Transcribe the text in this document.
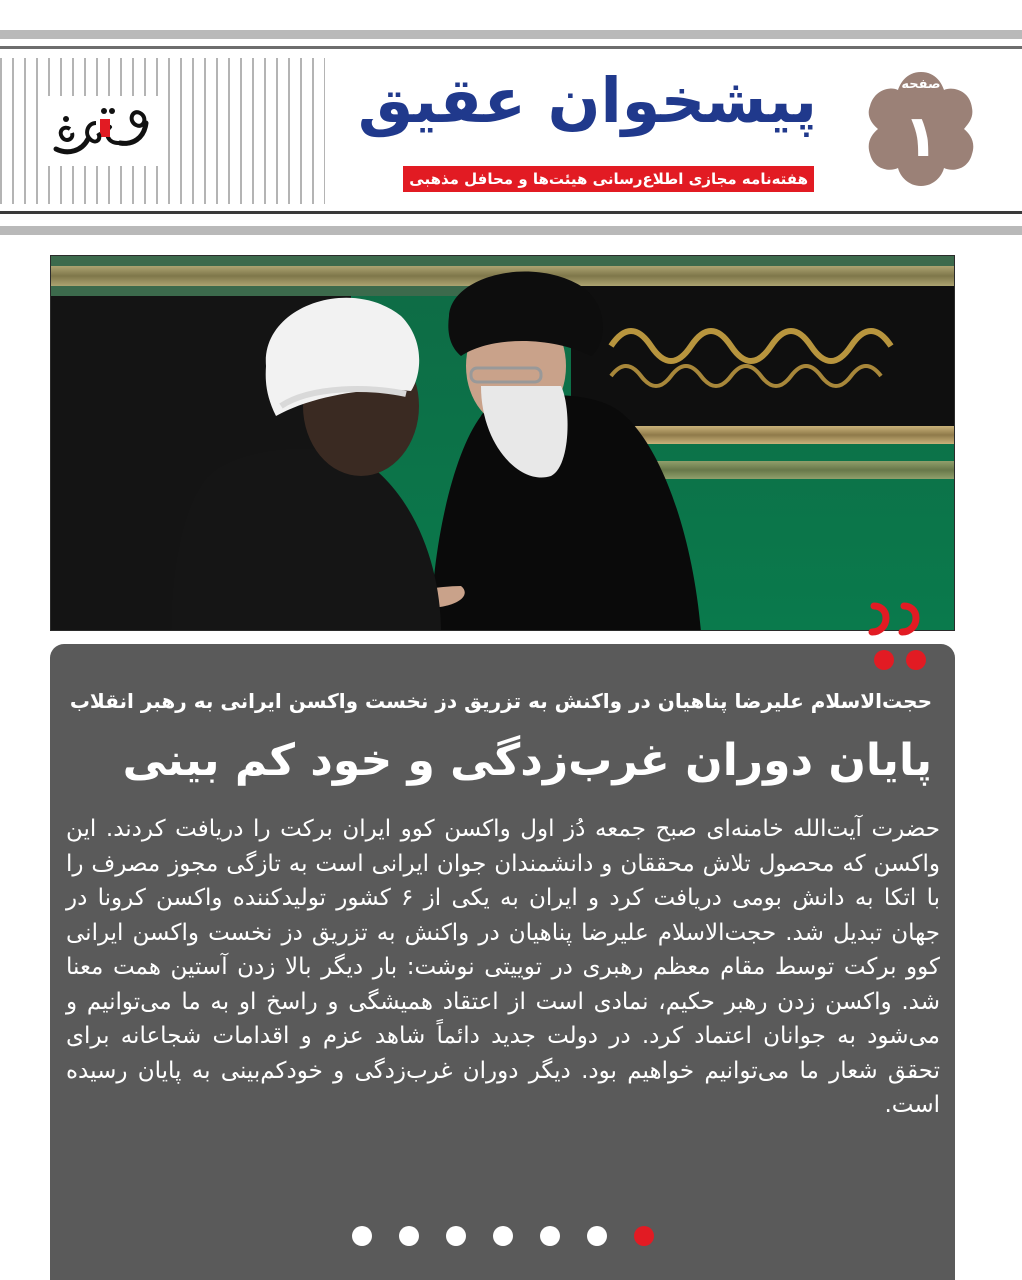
پیشخوان عقیق
هفته‌نامه مجازی اطلاع‌رسانی هیئت‌ها و محافل مذهبی
صفحه
۱
حجت‌الاسلام علیرضا پناهیان در واکنش به تزریق دز نخست واکسن ایرانی به رهبر انقلاب
پایان دوران غرب‌زدگی و خود کم بینی
حضرت آیت‌الله خامنه‌ای صبح جمعه دُز اول واکسن کوو ایران برکت را دریافت کردند. این واکسن که محصول تلاش محققان و دانشمندان جوان ایرانی است به تازگی مجوز مصرف را با اتکا به دانش بومی دریافت کرد و ایران به یکی از ۶ کشور تولیدکننده واکسن کرونا در جهان تبدیل شد. حجت‌الاسلام علیرضا پناهیان در واکنش به تزریق دز نخست واکسن ایرانی کوو برکت توسط مقام معظم رهبری در توییتی نوشت: بار دیگر بالا زدن آستین همت معنا شد. واکسن زدن رهبر حکیم، نمادی است از اعتقاد همیشگی و راسخ او به ما می‌توانیم و می‌شود به جوانان اعتماد کرد. در دولت جدید دائماً شاهد عزم و اقدامات شجاعانه برای تحقق شعار ما می‌توانیم خواهیم بود. دیگر دوران غرب‌زدگی و خودکم‌بینی به پایان رسیده است.
